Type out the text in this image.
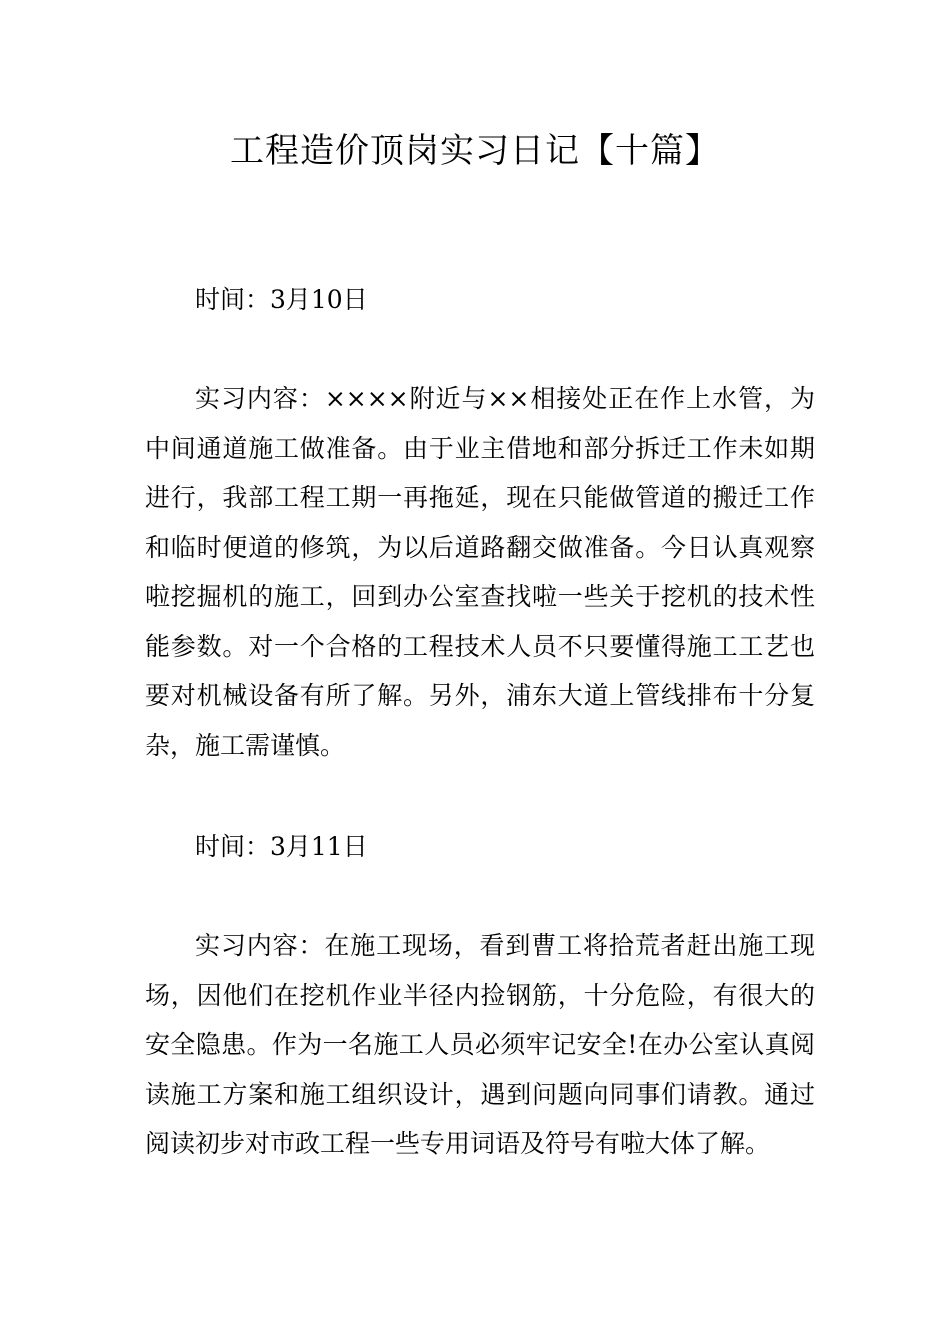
工程造价顶岗实习日记【十篇】

时间：3月10日

实习内容：××××附近与××相接处正在作上水管，为中间通道施工做准备。由于业主借地和部分拆迁工作未如期进行，我部工程工期一再拖延，现在只能做管道的搬迁工作和临时便道的修筑，为以后道路翻交做准备。今日认真观察啦挖掘机的施工，回到办公室查找啦一些关于挖机的技术性能参数。对一个合格的工程技术人员不只要懂得施工工艺也要对机械设备有所了解。另外，浦东大道上管线排布十分复杂，施工需谨慎。

时间：3月11日

实习内容：在施工现场，看到曹工将拾荒者赶出施工现场，因他们在挖机作业半径内捡钢筋，十分危险，有很大的安全隐患。作为一名施工人员必须牢记安全!在办公室认真阅读施工方案和施工组织设计，遇到问题向同事们请教。通过阅读初步对市政工程一些专用词语及符号有啦大体了解。
